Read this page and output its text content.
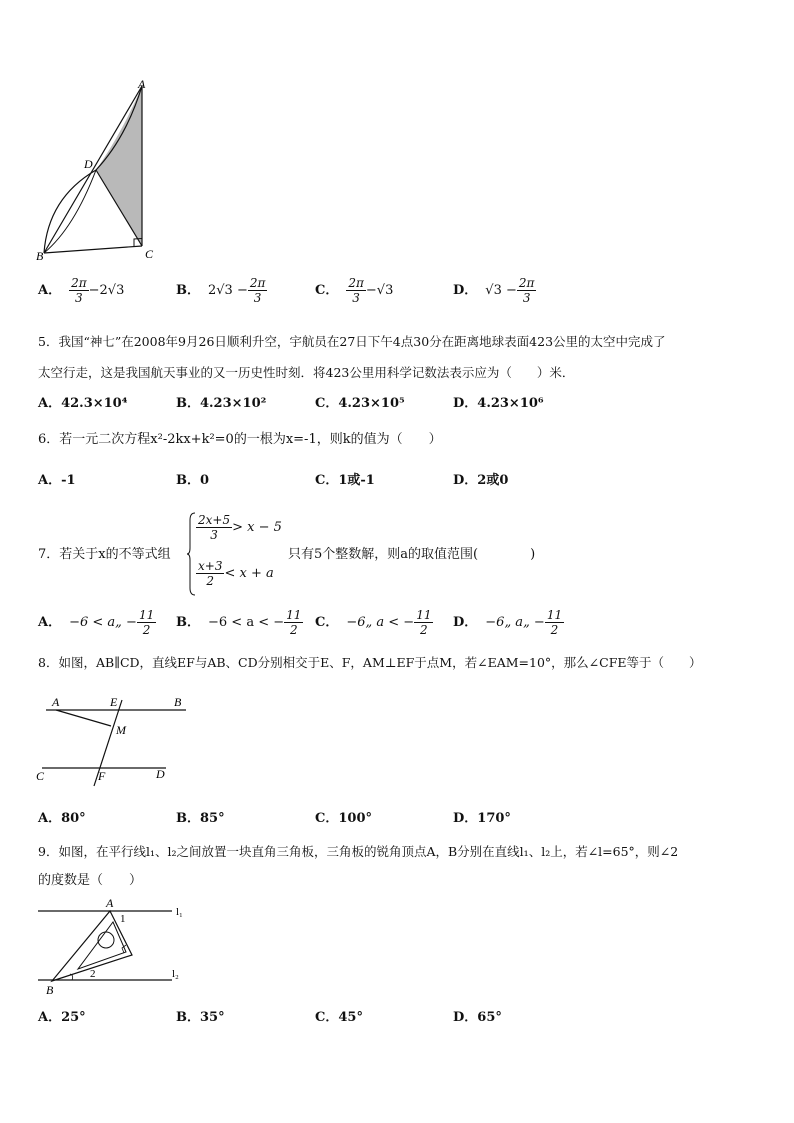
A
D
B	C
A． $\frac{2\pi}{3} -2√3$	B． $2√3 - \frac{2\pi}{3}$	C． $\frac{2\pi}{3} -√3$	D． $√3 - \frac{2\pi}{3}$
5．我国“神七”在2008年9月26日顺利升空，宇航员在27日下午4点30分在距离地球表面423公里的太空中完成了
太空行走，这是我国航天事业的又一历史性时刻．将423公里用科学记数法表示应为（　　）米．
A．42.3×10⁴	B．4.23×10²	C．4.23×10⁵	D．4.23×10⁶
6．若一元二次方程x²-2kx+k²=0的一根为x=-1，则k的值为（　　）
A．-1	B．0	C．1或-1	D．2或0
7．若关于x的不等式组
$\frac{2x+5}{3} > x - 5$
$\frac{x+3}{2} < x + a$
只有5个整数解，则a的取值范围(　　　　)
A． −6 < a„ − $\frac{11}{2}$ B． −6 < a < − $\frac{11}{2}$ C． −6„ a < − $\frac{11}{2}$ D． −6„ a„ − $\frac{11}{2}$
8．如图，AB∥CD，直线EF与AB、CD分别相交于E、F，AM⊥EF于点M，若∠EAM=10°，那么∠CFE等于（　　）
A	E	B
M
C	F	D
A．80°	B．85°	C．100°	D．170°
9．如图，在平行线l₁、l₂之间放置一块直角三角板，三角板的锐角顶点A，B分别在直线l₁、l₂上，若∠l=65°，则∠2
的度数是（　　）
A
1
B
2
l₁
l₂
A．25°	B．35°	C．45°	D．65°
